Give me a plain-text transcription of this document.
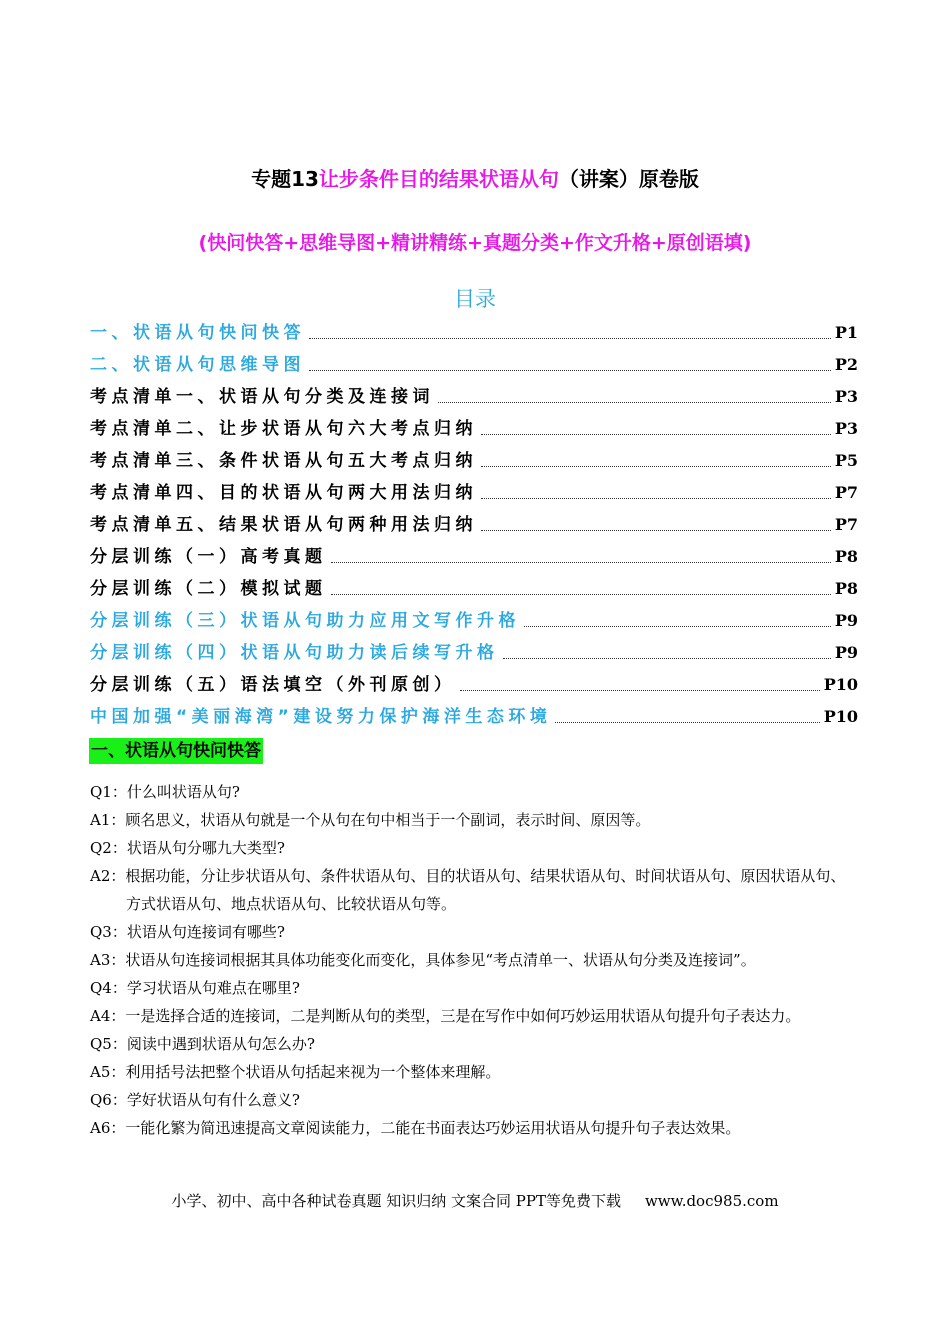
专题13让步条件目的结果状语从句（讲案）原卷版
(快问快答+思维导图+精讲精练+真题分类+作文升格+原创语填)
目录
一、状语从句快问快答	P1
二、状语从句思维导图	P2
考点清单一、状语从句分类及连接词	P3
考点清单二、让步状语从句六大考点归纳	P3
考点清单三、条件状语从句五大考点归纳	P5
考点清单四、目的状语从句两大用法归纳	P7
考点清单五、结果状语从句两种用法归纳	P7
分层训练（一）高考真题	P8
分层训练（二）模拟试题	P8
分层训练（三）状语从句助力应用文写作升格	P9
分层训练（四）状语从句助力读后续写升格	P9
分层训练（五）语法填空（外刊原创）	P10
中国加强“美丽海湾”建设努力保护海洋生态环境	P10
一、状语从句快问快答

Q1：什么叫状语从句?

A1：顾名思义，状语从句就是一个从句在句中相当于一个副词，表示时间、原因等。

Q2：状语从句分哪九大类型?

A2：根据功能，分让步状语从句、条件状语从句、目的状语从句、结果状语从句、时间状语从句、原因状语从句、方式状语从句、地点状语从句、比较状语从句等。

Q3：状语从句连接词有哪些?

A3：状语从句连接词根据其具体功能变化而变化，具体参见“考点清单一、状语从句分类及连接词”。

Q4：学习状语从句难点在哪里?

A4：一是选择合适的连接词，二是判断从句的类型，三是在写作中如何巧妙运用状语从句提升句子表达力。

Q5：阅读中遇到状语从句怎么办?

A5：利用括号法把整个状语从句括起来视为一个整体来理解。

Q6：学好状语从句有什么意义?

A6：一能化繁为简迅速提高文章阅读能力，二能在书面表达巧妙运用状语从句提升句子表达效果。

小学、初中、高中各种试卷真题 知识归纳 文案合同 PPT等免费下载 www.doc985.com
